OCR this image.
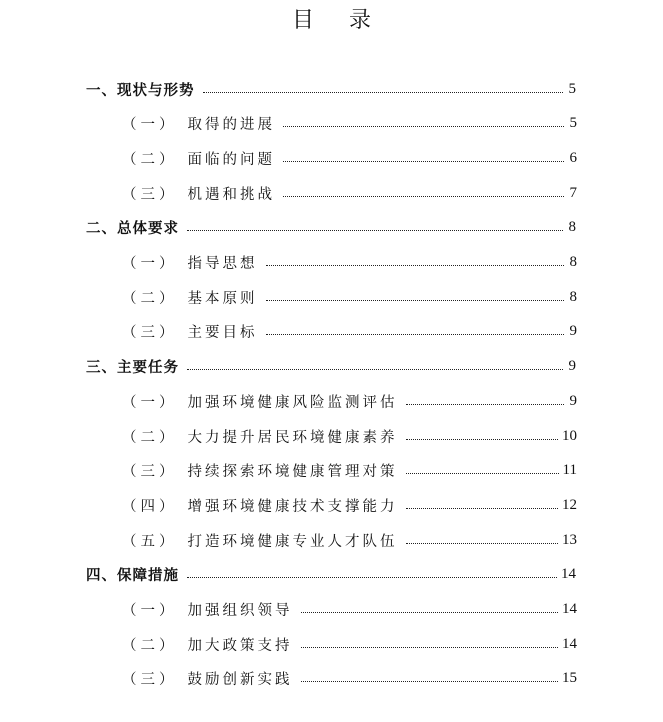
目 录
一、现状与形势	5
（一） 取得的进展	5
（二） 面临的问题	6
（三） 机遇和挑战	7
二、总体要求	8
（一） 指导思想	8
（二） 基本原则	8
（三） 主要目标	9
三、主要任务	9
（一） 加强环境健康风险监测评估	9
（二） 大力提升居民环境健康素养	10
（三） 持续探索环境健康管理对策	11
（四） 增强环境健康技术支撑能力	12
（五） 打造环境健康专业人才队伍	13
四、保障措施	14
（一） 加强组织领导	14
（二） 加大政策支持	14
（三） 鼓励创新实践	15
